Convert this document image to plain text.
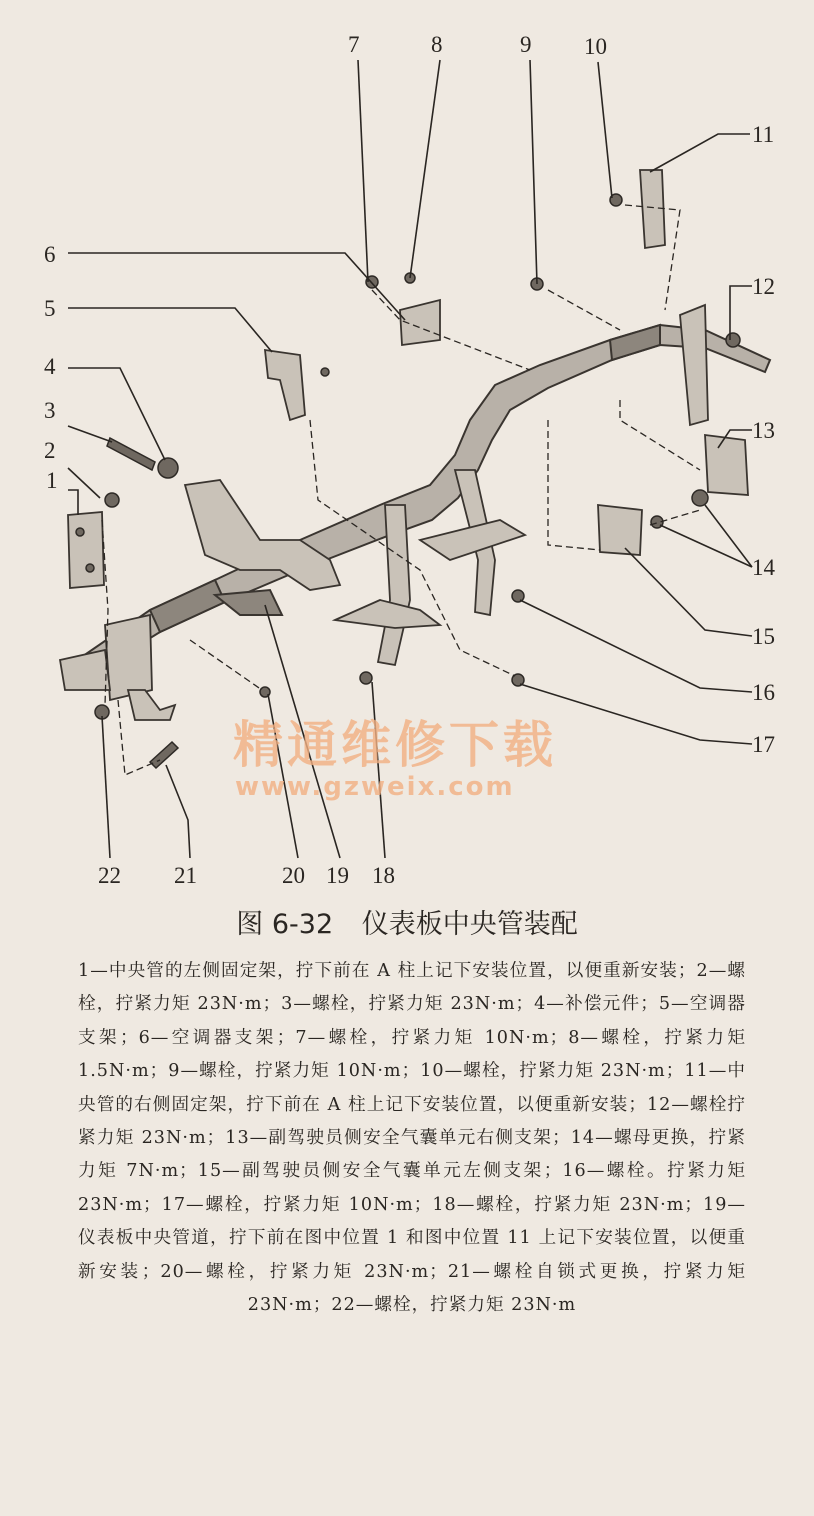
精通维修下载
www.gzweix.com
1
2
3
4
5
6
7	8	9 10
11
12
13
14
15
16
17
18
19
20
21
22
图 6-32 仪表板中央管装配
1—中央管的左侧固定架，拧下前在 A 柱上记下安装位置，以便重新安装；2—螺栓，拧紧力矩 23N·m；3—螺栓，拧紧力矩 23N·m；4—补偿元件；5—空调器支架；6—空调器支架；7—螺栓，拧紧力矩 10N·m；8—螺栓，拧紧力矩 1.5N·m；9—螺栓，拧紧力矩 10N·m；10—螺栓，拧紧力矩 23N·m；11—中央管的右侧固定架，拧下前在 A 柱上记下安装位置，以便重新安装；12—螺栓拧紧力矩 23N·m；13—副驾驶员侧安全气囊单元右侧支架；14—螺母更换，拧紧力矩 7N·m；15—副驾驶员侧安全气囊单元左侧支架；16—螺栓。拧紧力矩 23N·m；17—螺栓，拧紧力矩 10N·m；18—螺栓，拧紧力矩 23N·m；19—仪表板中央管道，拧下前在图中位置 1 和图中位置 11 上记下安装位置，以便重新安装；20—螺栓，拧紧力矩 23N·m；21—螺栓自锁式更换，拧紧力矩 23N·m；22—螺栓，拧紧力矩 23N·m
